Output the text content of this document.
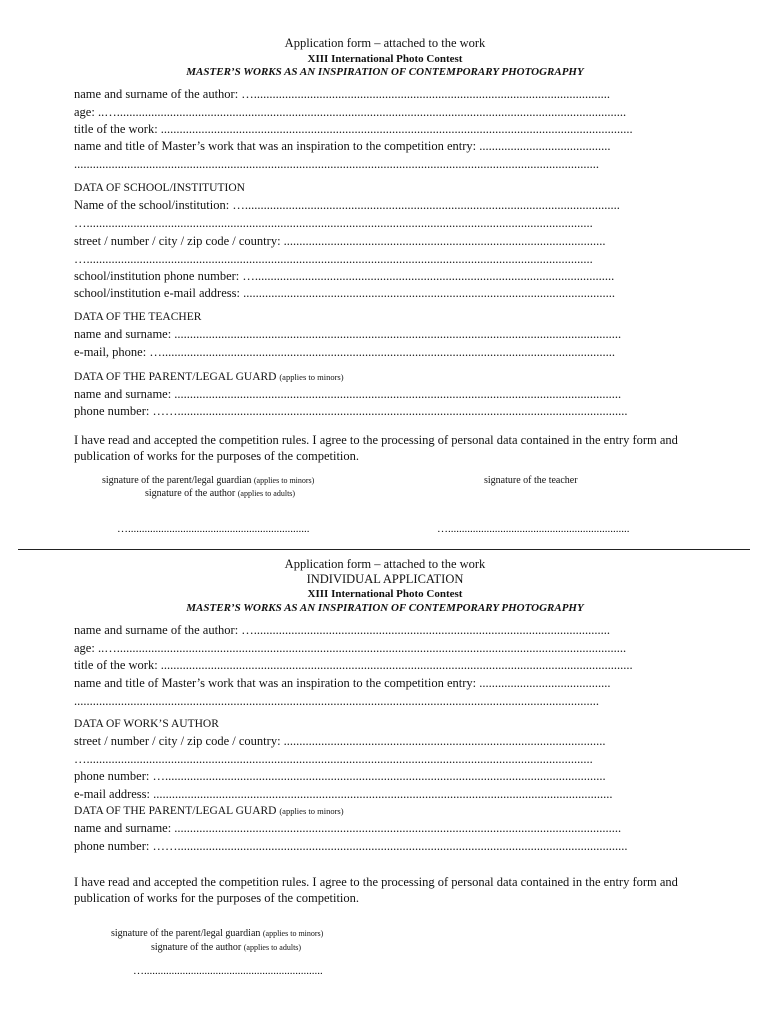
Application form – attached to the work
XIII International Photo Contest
MASTER’S WORKS AS AN INSPIRATION OF CONTEMPORARY PHOTOGRAPHY
name and surname of the author: …..................................................................................................................
age: ..…...................................................................................................................................................................
title of the work: .......................................................................................................................................................
name and title of Master’s work that was an inspiration to the competition entry: ..........................................
........................................................................................................................................................................
DATA OF SCHOOL/INSTITUTION
Name of the school/institution: …........................................................................................................................
…..................................................................................................................................................................
street / number / city / zip code / country: .......................................................................................................
…..................................................................................................................................................................
school/institution phone number: …...................................................................................................................
school/institution e-mail address: .......................................................................................................................
DATA OF THE TEACHER
name and surname: ...............................................................................................................................................
e-mail, phone: ….................................................................................................................................................
DATA OF THE PARENT/LEGAL GUARD (applies to minors)
name and surname: ...............................................................................................................................................
phone number: ……................................................................................................................................................
I have read and accepted the competition rules. I agree to the processing of personal data contained in the entry form and publication of works for the purposes of the competition.
signature of the parent/legal guardian (applies to minors)
signature of the author (applies to adults)
signature of the teacher
…..................................................................	…..................................................................
Application form – attached to the work
INDIVIDUAL APPLICATION
XIII International Photo Contest
MASTER’S WORKS AS AN INSPIRATION OF CONTEMPORARY PHOTOGRAPHY
name and surname of the author: …..................................................................................................................
age: ..…...................................................................................................................................................................
title of the work: .......................................................................................................................................................
name and title of Master’s work that was an inspiration to the competition entry: ..........................................
........................................................................................................................................................................
DATA OF WORK’S AUTHOR
street / number / city / zip code / country: .......................................................................................................
…..................................................................................................................................................................
phone number: ….............................................................................................................................................
e-mail address: ...................................................................................................................................................
DATA OF THE PARENT/LEGAL GUARD (applies to minors)
name and surname: ...............................................................................................................................................
phone number: ……................................................................................................................................................
I have read and accepted the competition rules. I agree to the processing of personal data contained in the entry form and publication of works for the purposes of the competition.
signature of the parent/legal guardian (applies to minors)
signature of the author (applies to adults)
….................................................................
